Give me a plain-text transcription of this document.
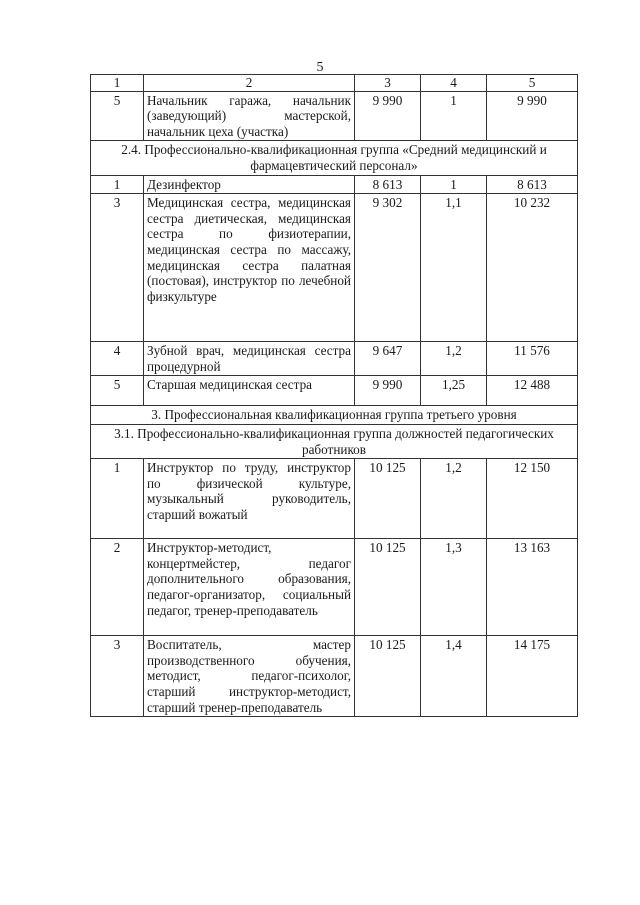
5
1	2	3	4	5
5	Начальник гаража, начальник (заведующий) мастерской, начальник цеха (участка)	9 990	1	9 990
2.4. Профессионально-квалификационная группа «Средний медицинский и фармацевтический персонал»				
1	Дезинфектор	8 613	1	8 613
3	Медицинская сестра, медицинская сестра диетическая, медицинская сестра по физиотерапии, медицинская сестра по массажу, медицинская сестра палатная (постовая), инструктор по лечебной физкультуре	9 302	1,1	10 232
4	Зубной врач, медицинская сестра процедурной	9 647	1,2	11 576
5	Старшая медицинская сестра	9 990	1,25	12 488
3. Профессиональная квалификационная группа третьего уровня				
3.1. Профессионально-квалификационная группа должностей педагогических работников				
1	Инструктор по труду, инструктор по физической культуре, музыкальный руководитель, старший вожатый	10 125	1,2	12 150
2	Инструктор-методист, концертмейстер, педагог дополнительного образования, педагог-организатор, социальный педагог, тренер-преподаватель	10 125	1,3	13 163
3	Воспитатель, мастер производственного обучения, методист, педагог-психолог, старший инструктор-методист, старший тренер-преподаватель	10 125	1,4	14 175
